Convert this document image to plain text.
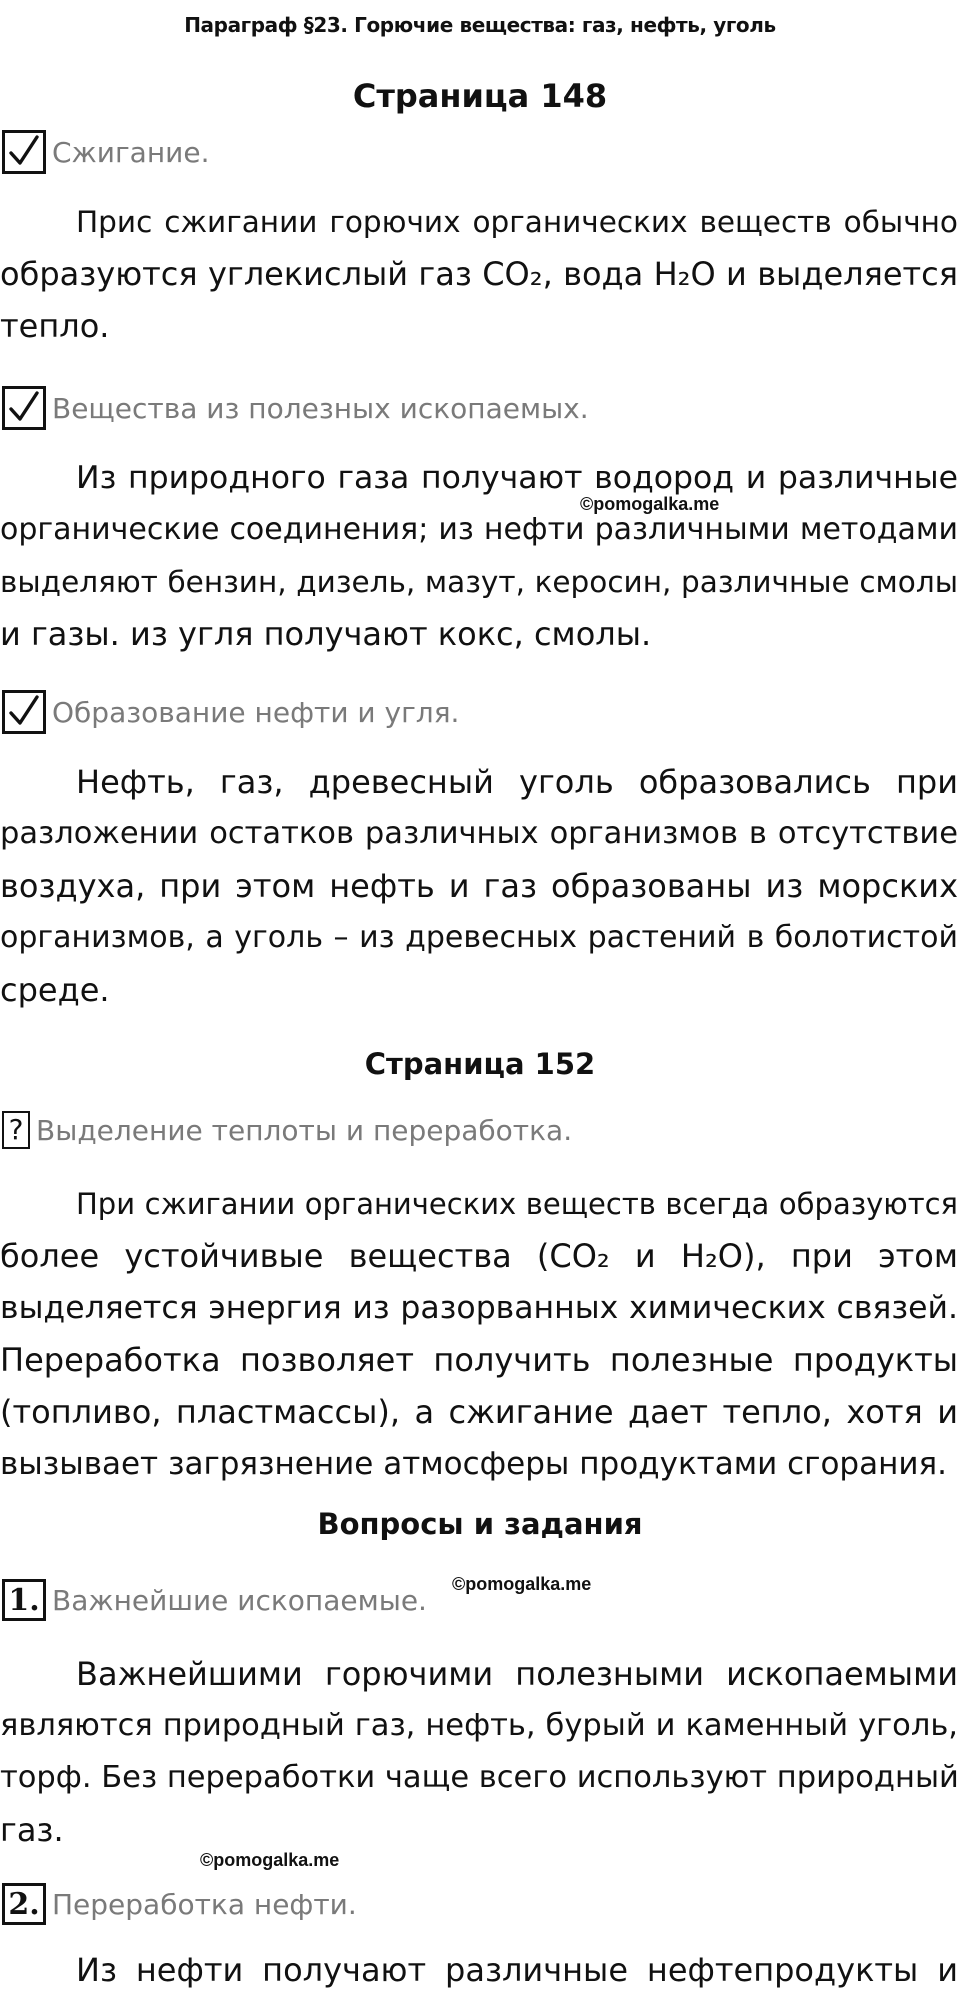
Параграф §23. Горючие вещества: газ, нефть, уголь
Страница 148
Сжигание.
Прис сжигании горючих органических веществ обычно
образуются углекислый газ СО₂, вода Н₂О и выделяется
тепло.
Вещества из полезных ископаемых.
Из природного газа получают водород и различные
органические соединения; из нефти различными методами
выделяют бензин, дизель, мазут, керосин, различные смолы
и газы. из угля получают кокс, смолы.
Образование нефти и угля.
Нефть, газ, древесный уголь образовались при
разложении остатков различных организмов в отсутствие
воздуха, при этом нефть и газ образованы из морских
организмов, а уголь – из древесных растений в болотистой
среде.
Страница 152
? Выделение теплоты и переработка.
При сжигании органических веществ всегда образуются
более устойчивые вещества (СО₂ и Н₂О), при этом
выделяется энергия из разорванных химических связей.
Переработка позволяет получить полезные продукты
(топливо, пластмассы), а сжигание дает тепло, хотя и
вызывает загрязнение атмосферы продуктами сгорания.
Вопросы и задания
1. Важнейшие ископаемые.
Важнейшими горючими полезными ископаемыми
являются природный газ, нефть, бурый и каменный уголь,
торф. Без переработки чаще всего используют природный
газ.
2. Переработка нефти.
Из нефти получают различные нефтепродукты и
©pomogalka.me
©pomogalka.me
©pomogalka.me
